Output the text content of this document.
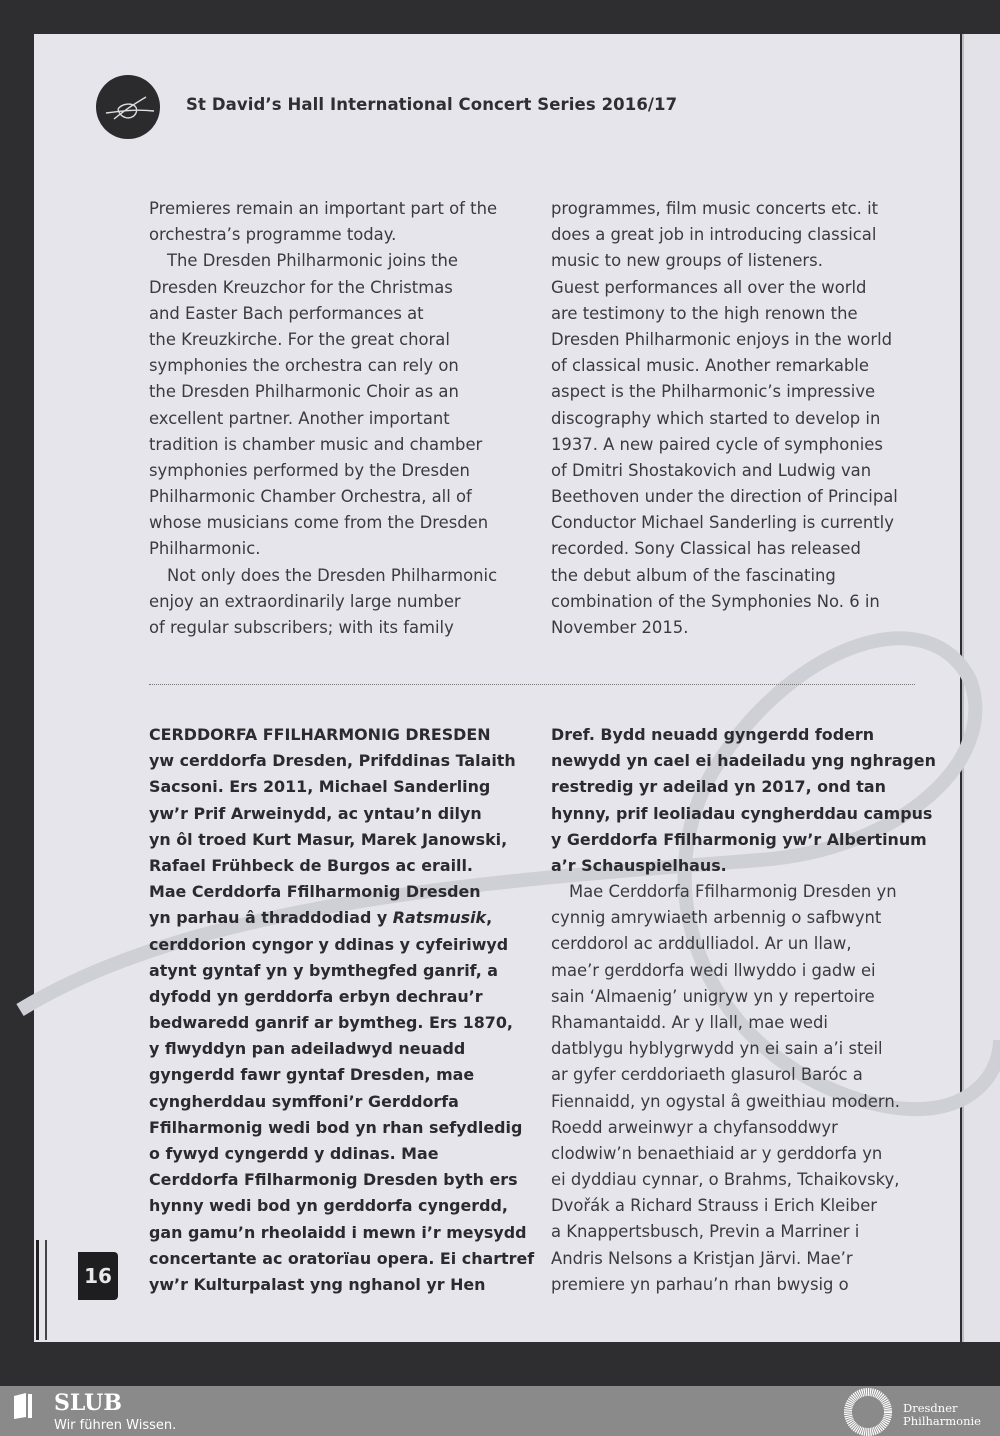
St David’s Hall International Concert Series 2016/17
Premieres remain an important part of the
orchestra’s programme today.
The Dresden Philharmonic joins the
Dresden Kreuzchor for the Christmas
and Easter Bach performances at
the Kreuzkirche. For the great choral
symphonies the orchestra can rely on
the Dresden Philharmonic Choir as an
excellent partner. Another important
tradition is chamber music and chamber
symphonies performed by the Dresden
Philharmonic Chamber Orchestra, all of
whose musicians come from the Dresden
Philharmonic.
Not only does the Dresden Philharmonic
enjoy an extraordinarily large number
of regular subscribers; with its family
programmes, film music concerts etc. it
does a great job in introducing classical
music to new groups of listeners.
Guest performances all over the world
are testimony to the high renown the
Dresden Philharmonic enjoys in the world
of classical music. Another remarkable
aspect is the Philharmonic’s impressive
discography which started to develop in
1937. A new paired cycle of symphonies
of Dmitri Shostakovich and Ludwig van
Beethoven under the direction of Principal
Conductor Michael Sanderling is currently
recorded. Sony Classical has released
the debut album of the fascinating
combination of the Symphonies No. 6 in
November 2015.
CERDDORFA FFILHARMONIG DRESDEN
yw cerddorfa Dresden, Prifddinas Talaith
Sacsoni. Ers 2011, Michael Sanderling
yw’r Prif Arweinydd, ac yntau’n dilyn
yn ôl troed Kurt Masur, Marek Janowski,
Rafael Frühbeck de Burgos ac eraill.
Mae Cerddorfa Ffilharmonig Dresden
yn parhau â thraddodiad y Ratsmusik,
cerddorion cyngor y ddinas y cyfeiriwyd
atynt gyntaf yn y bymthegfed ganrif, a
dyfodd yn gerddorfa erbyn dechrau’r
bedwaredd ganrif ar bymtheg. Ers 1870,
y flwyddyn pan adeiladwyd neuadd
gyngerdd fawr gyntaf Dresden, mae
cyngherddau symffoni’r Gerddorfa
Ffilharmonig wedi bod yn rhan sefydledig
o fywyd cyngerdd y ddinas. Mae
Cerddorfa Ffilharmonig Dresden byth ers
hynny wedi bod yn gerddorfa cyngerdd,
gan gamu’n rheolaidd i mewn i’r meysydd
concertante ac oratorïau opera. Ei chartref
yw’r Kulturpalast yng nghanol yr Hen
Dref. Bydd neuadd gyngerdd fodern
newydd yn cael ei hadeiladu yng nghragen
restredig yr adeilad yn 2017, ond tan
hynny, prif leoliadau cyngherddau campus
y Gerddorfa Ffilharmonig yw’r Albertinum
a’r Schauspielhaus.
Mae Cerddorfa Ffilharmonig Dresden yn
cynnig amrywiaeth arbennig o safbwynt
cerddorol ac arddulliadol. Ar un llaw,
mae’r gerddorfa wedi llwyddo i gadw ei
sain ‘Almaenig’ unigryw yn y repertoire
Rhamantaidd. Ar y llall, mae wedi
datblygu hyblygrwydd yn ei sain a’i steil
ar gyfer cerddoriaeth glasurol Baróc a
Fiennaidd, yn ogystal â gweithiau modern.
Roedd arweinwyr a chyfansoddwyr
clodwiw’n benaethiaid ar y gerddorfa yn
ei dyddiau cynnar, o Brahms, Tchaikovsky,
Dvořák a Richard Strauss i Erich Kleiber
a Knappertsbusch, Previn a Marriner i
Andris Nelsons a Kristjan Järvi. Mae’r
premiere yn parhau’n rhan bwysig o
16
SLUB
Wir führen Wissen.
Dresdner
Philharmonie
